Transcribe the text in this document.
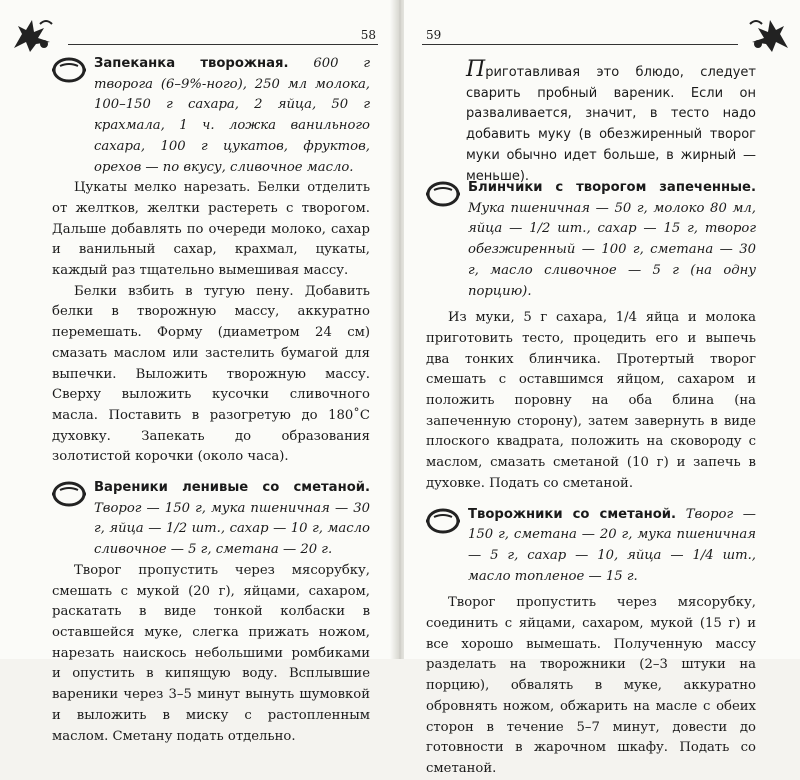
58

Запеканка творожная. 600 г творога (6–9%-ного), 250 мл молока, 100–150 г сахара, 2 яйца, 50 г крахмала, 1 ч. ложка ванильного сахара, 100 г цукатов, фруктов, орехов — по вкусу, сливочное масло.

Цукаты мелко нарезать. Белки отделить от желтков, желтки растереть с творогом. Дальше добавлять по очереди молоко, сахар и ванильный сахар, крахмал, цукаты, каждый раз тщательно вымешивая массу.

Белки взбить в тугую пену. Добавить белки в творожную массу, аккуратно перемешать. Форму (диаметром 24 см) смазать маслом или застелить бумагой для выпечки. Выложить творожную массу. Сверху выложить кусочки сливочного масла. Поставить в разогретую до 180˚С духовку. Запекать до образования золотистой корочки (около часа).

Вареники ленивые со сметаной. Творог — 150 г, мука пшеничная — 30 г, яйца — 1/2 шт., сахар — 10 г, масло сливочное — 5 г, сметана — 20 г.

Творог пропустить через мясорубку, смешать с мукой (20 г), яйцами, сахаром, раскатать в виде тонкой колбаски в оставшейся муке, слегка прижать ножом, нарезать наискось небольшими ромбиками и опустить в кипящую воду. Всплывшие вареники через 3–5 минут вынуть шумовкой и выложить в миску с растопленным маслом. Сметану подать отдельно.

59

Приготавливая это блюдо, следует сварить пробный вареник. Если он разваливается, значит, в тесто надо добавить муку (в обезжиренный творог муки обычно идет больше, в жирный — меньше).

Блинчики с творогом запеченные. Мука пшеничная — 50 г, молоко 80 мл, яйца — 1/2 шт., сахар — 15 г, творог обезжиренный — 100 г, сметана — 30 г, масло сливочное — 5 г (на одну порцию).

Из муки, 5 г сахара, 1/4 яйца и молока приготовить тесто, процедить его и выпечь два тонких блинчика. Протертый творог смешать с оставшимся яйцом, сахаром и положить поровну на оба блина (на запеченную сторону), затем завернуть в виде плоского квадрата, положить на сковороду с маслом, смазать сметаной (10 г) и запечь в духовке. Подать со сметаной.

Творожники со сметаной. Творог — 150 г, сметана — 20 г, мука пшеничная — 5 г, сахар — 10, яйца — 1/4 шт., масло топленое — 15 г.

Творог пропустить через мясорубку, соединить с яйцами, сахаром, мукой (15 г) и все хорошо вымешать. Полученную массу разделать на творожники (2–3 штуки на порцию), обвалять в муке, аккуратно обровнять ножом, обжарить на масле с обеих сторон в течение 5–7 минут, довести до готовности в жарочном шкафу. Подать со сметаной.
